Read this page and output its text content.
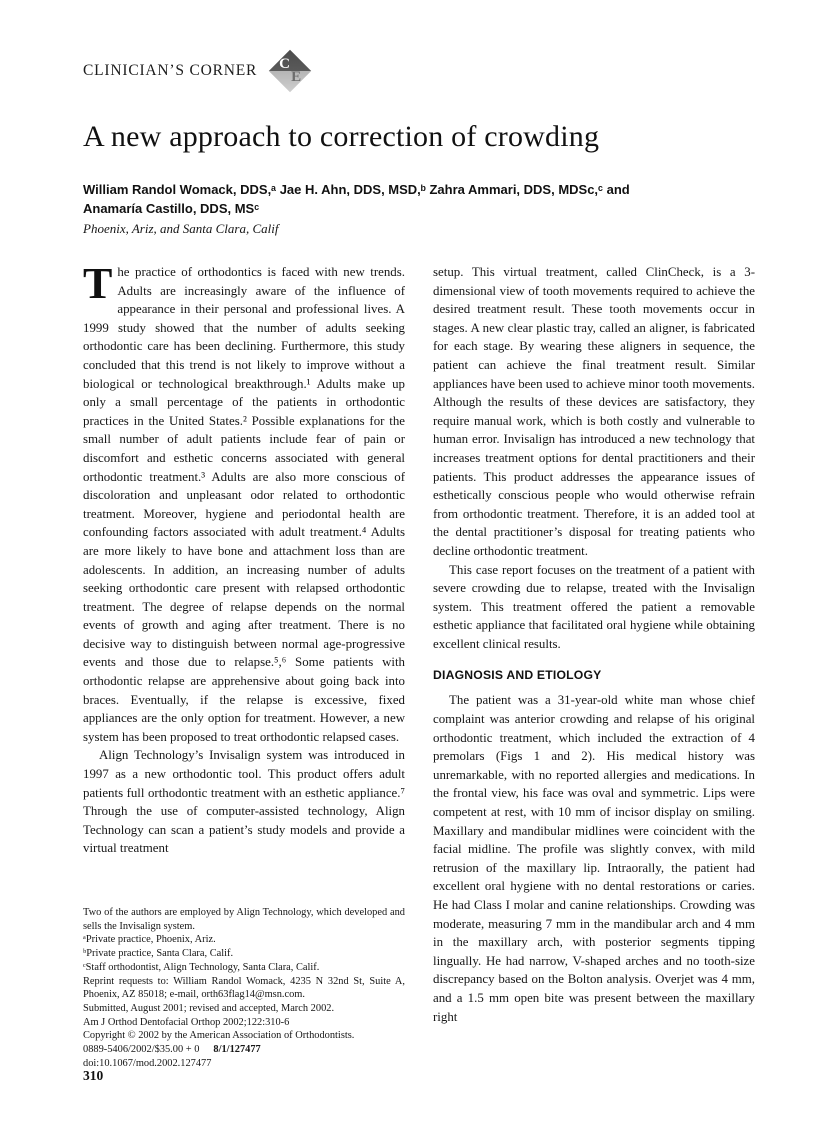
CLINICIAN’S CORNER C
E
A new approach to correction of crowding
William Randol Womack, DDS,ᵃ Jae H. Ahn, DDS, MSD,ᵇ Zahra Ammari, DDS, MDSc,ᶜ and
Anamaría Castillo, DDS, MSᶜ
Phoenix, Ariz, and Santa Clara, Calif

The practice of orthodontics is faced with new trends. Adults are increasingly aware of the influence of appearance in their personal and professional lives. A 1999 study showed that the number of adults seeking orthodontic care has been declining. Furthermore, this study concluded that this trend is not likely to improve without a biological or technological breakthrough.¹ Adults make up only a small percentage of the patients in orthodontic practices in the United States.² Possible explanations for the small number of adult patients include fear of pain or discomfort and esthetic concerns associated with general orthodontic treatment.³ Adults are also more conscious of discoloration and unpleasant odor related to orthodontic treatment. Moreover, hygiene and periodontal health are confounding factors associated with adult treatment.⁴ Adults are more likely to have bone and attachment loss than are adolescents. In addition, an increasing number of adults seeking orthodontic care present with relapsed orthodontic treatment. The degree of relapse depends on the normal events of growth and aging after treatment. There is no decisive way to distinguish between normal age-progressive events and those due to relapse.⁵,⁶ Some patients with orthodontic relapse are apprehensive about going back into braces. Eventually, if the relapse is excessive, fixed appliances are the only option for treatment. However, a new system has been proposed to treat orthodontic relapsed cases.

Align Technology’s Invisalign system was introduced in 1997 as a new orthodontic tool. This product offers adult patients full orthodontic treatment with an esthetic appliance.⁷ Through the use of computer-assisted technology, Align Technology can scan a patient’s study models and provide a virtual treatment

setup. This virtual treatment, called ClinCheck, is a 3-dimensional view of tooth movements required to achieve the desired treatment result. These tooth movements occur in stages. A new clear plastic tray, called an aligner, is fabricated for each stage. By wearing these aligners in sequence, the patient can achieve the final treatment result. Similar appliances have been used to achieve minor tooth movements. Although the results of these devices are satisfactory, they require manual work, which is both costly and vulnerable to human error. Invisalign has introduced a new technology that increases treatment options for dental practitioners and their patients. This product addresses the appearance issues of esthetically conscious people who would otherwise refrain from orthodontic treatment. Therefore, it is an added tool at the dental practitioner’s disposal for treating patients who decline orthodontic treatment.

This case report focuses on the treatment of a patient with severe crowding due to relapse, treated with the Invisalign system. This treatment offered the patient a removable esthetic appliance that facilitated oral hygiene while obtaining excellent clinical results.

DIAGNOSIS AND ETIOLOGY

The patient was a 31-year-old white man whose chief complaint was anterior crowding and relapse of his original orthodontic treatment, which included the extraction of 4 premolars (Figs 1 and 2). His medical history was unremarkable, with no reported allergies and medications. In the frontal view, his face was oval and symmetric. Lips were competent at rest, with 10 mm of incisor display on smiling. Maxillary and mandibular midlines were coincident with the facial midline. The profile was slightly convex, with mild retrusion of the maxillary lip. Intraorally, the patient had excellent oral hygiene with no dental restorations or caries. He had Class I molar and canine relationships. Crowding was moderate, measuring 7 mm in the mandibular arch and 4 mm in the maxillary arch, with posterior segments tipping lingually. He had narrow, V-shaped arches and no tooth-size discrepancy based on the Bolton analysis. Overjet was 4 mm, and a 1.5 mm open bite was present between the maxillary right

Two of the authors are employed by Align Technology, which developed and sells the Invisalign system.
ᵃPrivate practice, Phoenix, Ariz.
ᵇPrivate practice, Santa Clara, Calif.
ᶜStaff orthodontist, Align Technology, Santa Clara, Calif.
Reprint requests to: William Randol Womack, 4235 N 32nd St, Suite A, Phoenix, AZ 85018; e-mail, orth63flag14@msn.com.
Submitted, August 2001; revised and accepted, March 2002.
Am J Orthod Dentofacial Orthop 2002;122:310-6
Copyright © 2002 by the American Association of Orthodontists.
0889-5406/2002/$35.00 + 0 8/1/127477
doi:10.1067/mod.2002.127477
310
